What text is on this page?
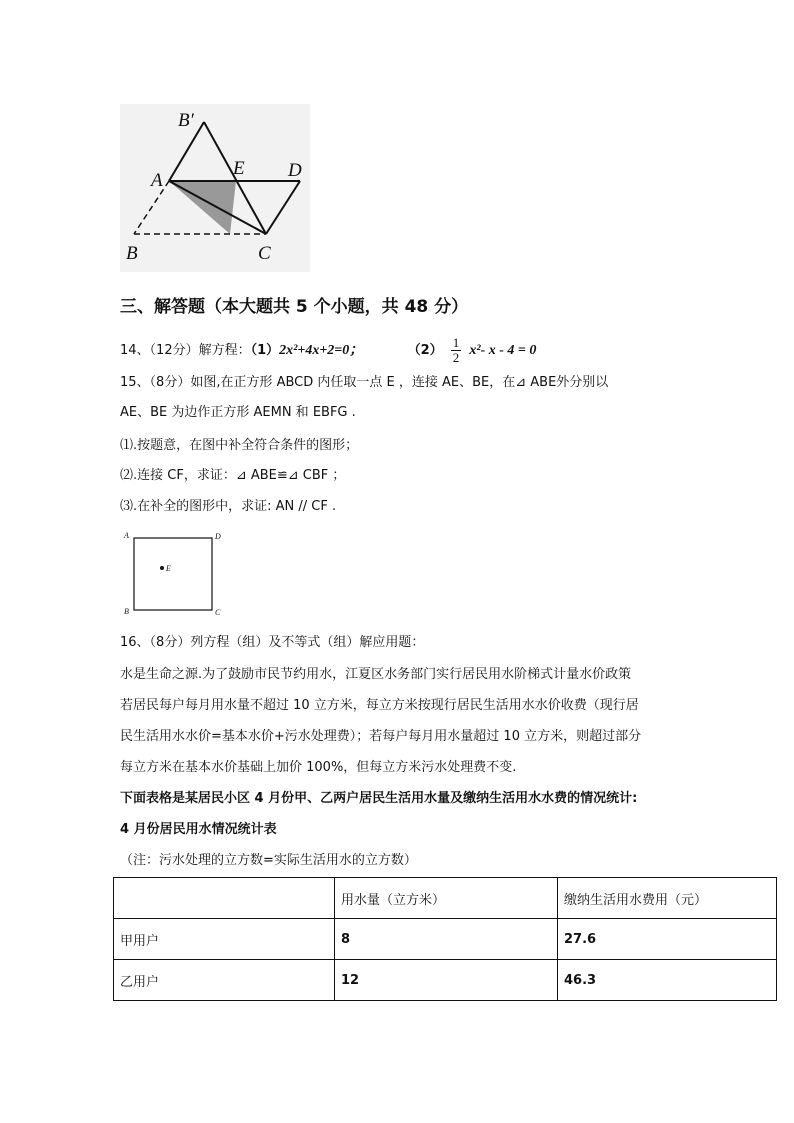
B′
A
E D
B	C
三、解答题（本大题共 5 个小题，共 48 分）
14、（12分）解方程：（1）2x²+4x+2=0；	$(2) \frac{1}{2} x^2-$ x - 4 = 0
15、（8分）如图,在正方形 ABCD 内任取一点 E ，连接 AE、BE，在⊿ ABE外分别以
AE、BE 为边作正方形 AEMN 和 EBFG .
⑴.按题意，在图中补全符合条件的图形；
⑵.连接 CF，求证：⊿ ABE≌⊿ CBF ；
⑶.在补全的图形中，求证: AN // CF .
A	D
B	C
E
16、（8分）列方程（组）及不等式（组）解应用题：
水是生命之源.为了鼓励市民节约用水，江夏区水务部门实行居民用水阶梯式计量水价政策
若居民每户每月用水量不超过 10 立方米，每立方米按现行居民生活用水水价收费（现行居
民生活用水水价=基本水价+污水处理费）；若每户每月用水量超过 10 立方米，则超过部分
每立方米在基本水价基础上加价 100%，但每立方米污水处理费不变.
下面表格是某居民小区 4 月份甲、乙两户居民生活用水量及缴纳生活用水水费的情况统计:
4 月份居民用水情况统计表
（注：污水处理的立方数=实际生活用水的立方数）
	用水量（立方米）	缴纳生活用水费用（元）
甲用户	8	27.6
乙用户	12	46.3
